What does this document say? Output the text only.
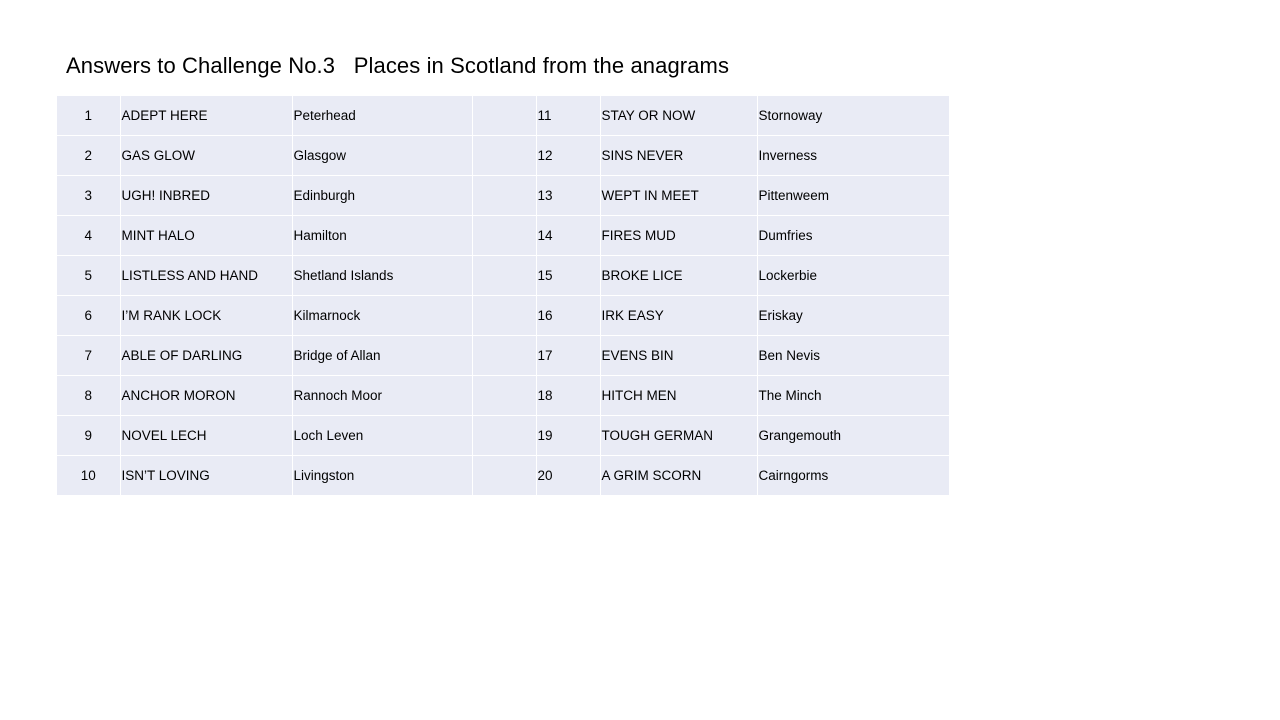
Answers to Challenge No.3   Places in Scotland from the anagrams
1	ADEPT HERE	Peterhead		11	STAY OR NOW	Stornoway
2	GAS GLOW	Glasgow		12	SINS NEVER	Inverness
3	UGH! INBRED	Edinburgh		13	WEPT IN MEET	Pittenweem
4	MINT HALO	Hamilton		14	FIRES MUD	Dumfries
5	LISTLESS AND HAND	Shetland Islands		15	BROKE LICE	Lockerbie
6	I’M RANK LOCK	Kilmarnock		16	IRK EASY	Eriskay
7	ABLE OF DARLING	Bridge of Allan		17	EVENS BIN	Ben Nevis
8	ANCHOR MORON	Rannoch Moor		18	HITCH MEN	The Minch
9	NOVEL LECH	Loch Leven		19	TOUGH GERMAN	Grangemouth
10	ISN’T LOVING	Livingston		20	A GRIM SCORN	Cairngorms
